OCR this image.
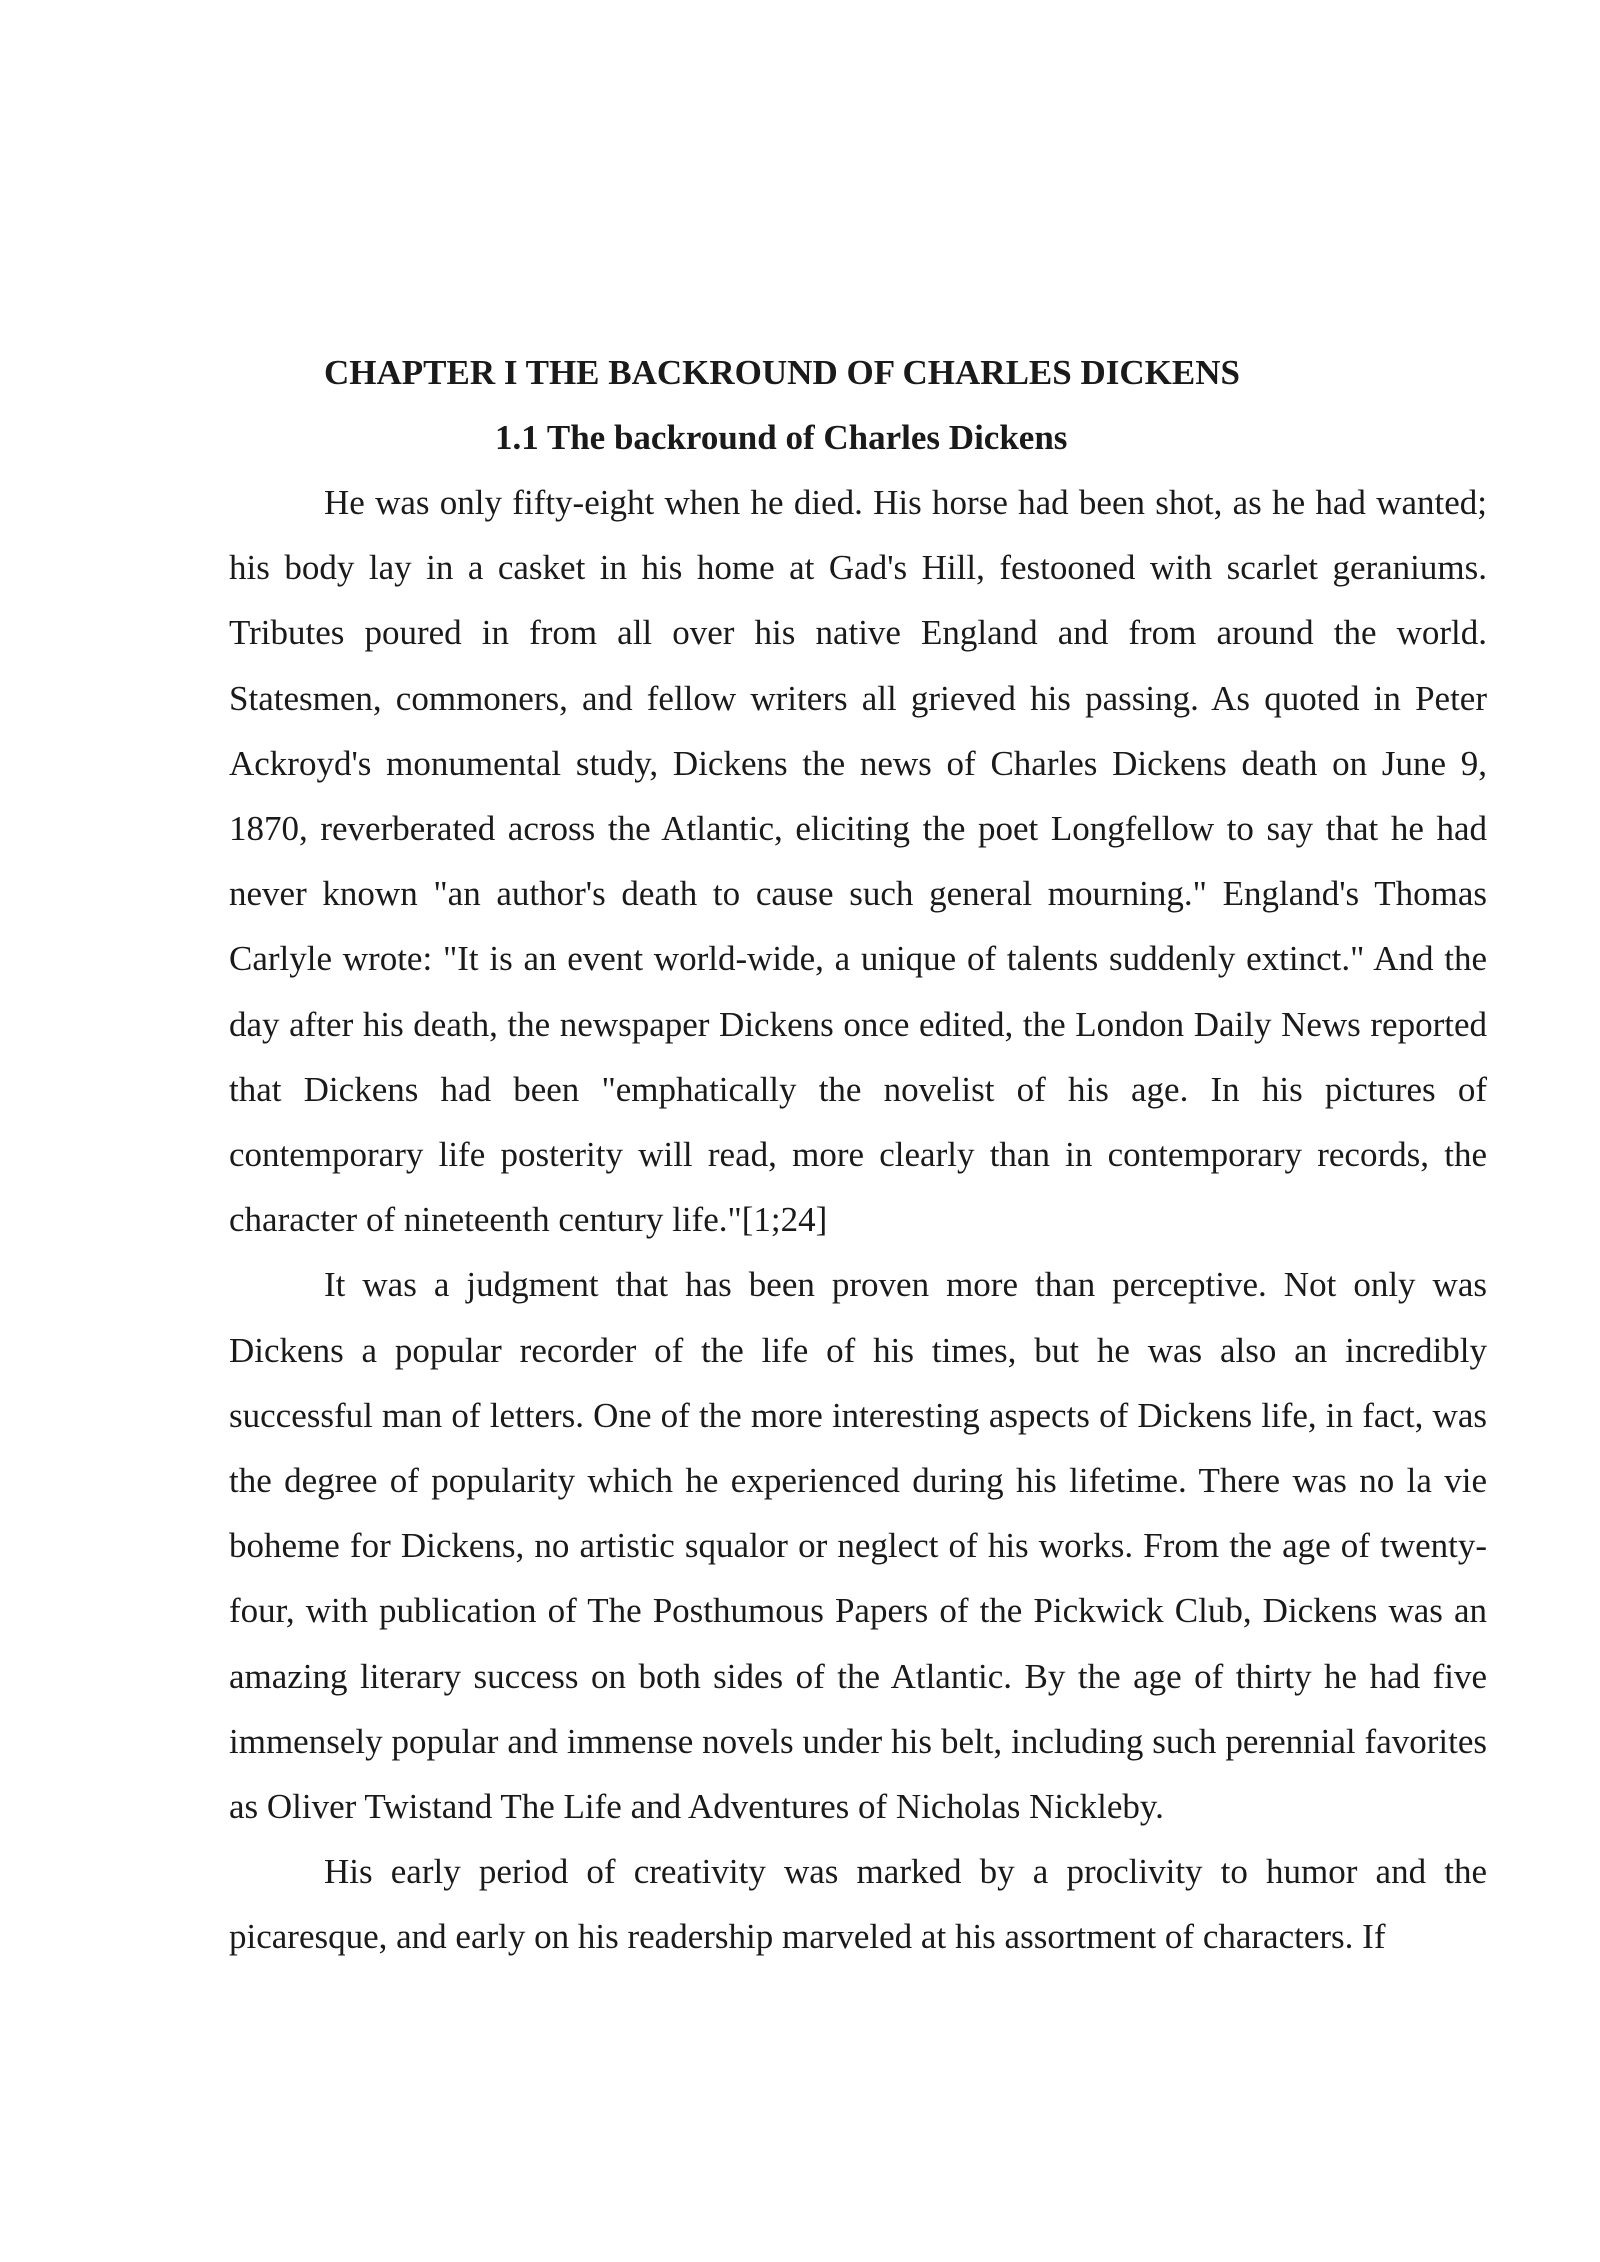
CHAPTER I THE BACKROUND OF CHARLES DICKENS
1.1 The backround of Charles Dickens

He was only fifty-eight when he died. His horse had been shot, as he had wanted; his body lay in a casket in his home at Gad's Hill, festooned with scarlet geraniums. Tributes poured in from all over his native England and from around the world. Statesmen, commoners, and fellow writers all grieved his passing. As quoted in Peter Ackroyd's monumental study, Dickens the news of Charles Dickens death on June 9, 1870, reverberated across the Atlantic, eliciting the poet Longfellow to say that he had never known "an author's death to cause such general mourning." England's Thomas Carlyle wrote: "It is an event world-wide, a unique of talents suddenly extinct." And the day after his death, the newspaper Dickens once edited, the London Daily News reported that Dickens had been "emphatically the novelist of his age. In his pictures of contemporary life posterity will read, more clearly than in contemporary records, the character of nineteenth century life."[1;24]

It was a judgment that has been proven more than perceptive. Not only was Dickens a popular recorder of the life of his times, but he was also an incredibly successful man of letters. One of the more interesting aspects of Dickens life, in fact, was the degree of popularity which he experienced during his lifetime. There was no la vie boheme for Dickens, no artistic squalor or neglect of his works. From the age of twenty-four, with publication of The Posthumous Papers of the Pickwick Club, Dickens was an amazing literary success on both sides of the Atlantic. By the age of thirty he had five immensely popular and immense novels under his belt, including such perennial favorites as Oliver Twistand The Life and Adventures of Nicholas Nickleby.

His early period of creativity was marked by a proclivity to humor and the picaresque, and early on his readership marveled at his assortment of characters. If
